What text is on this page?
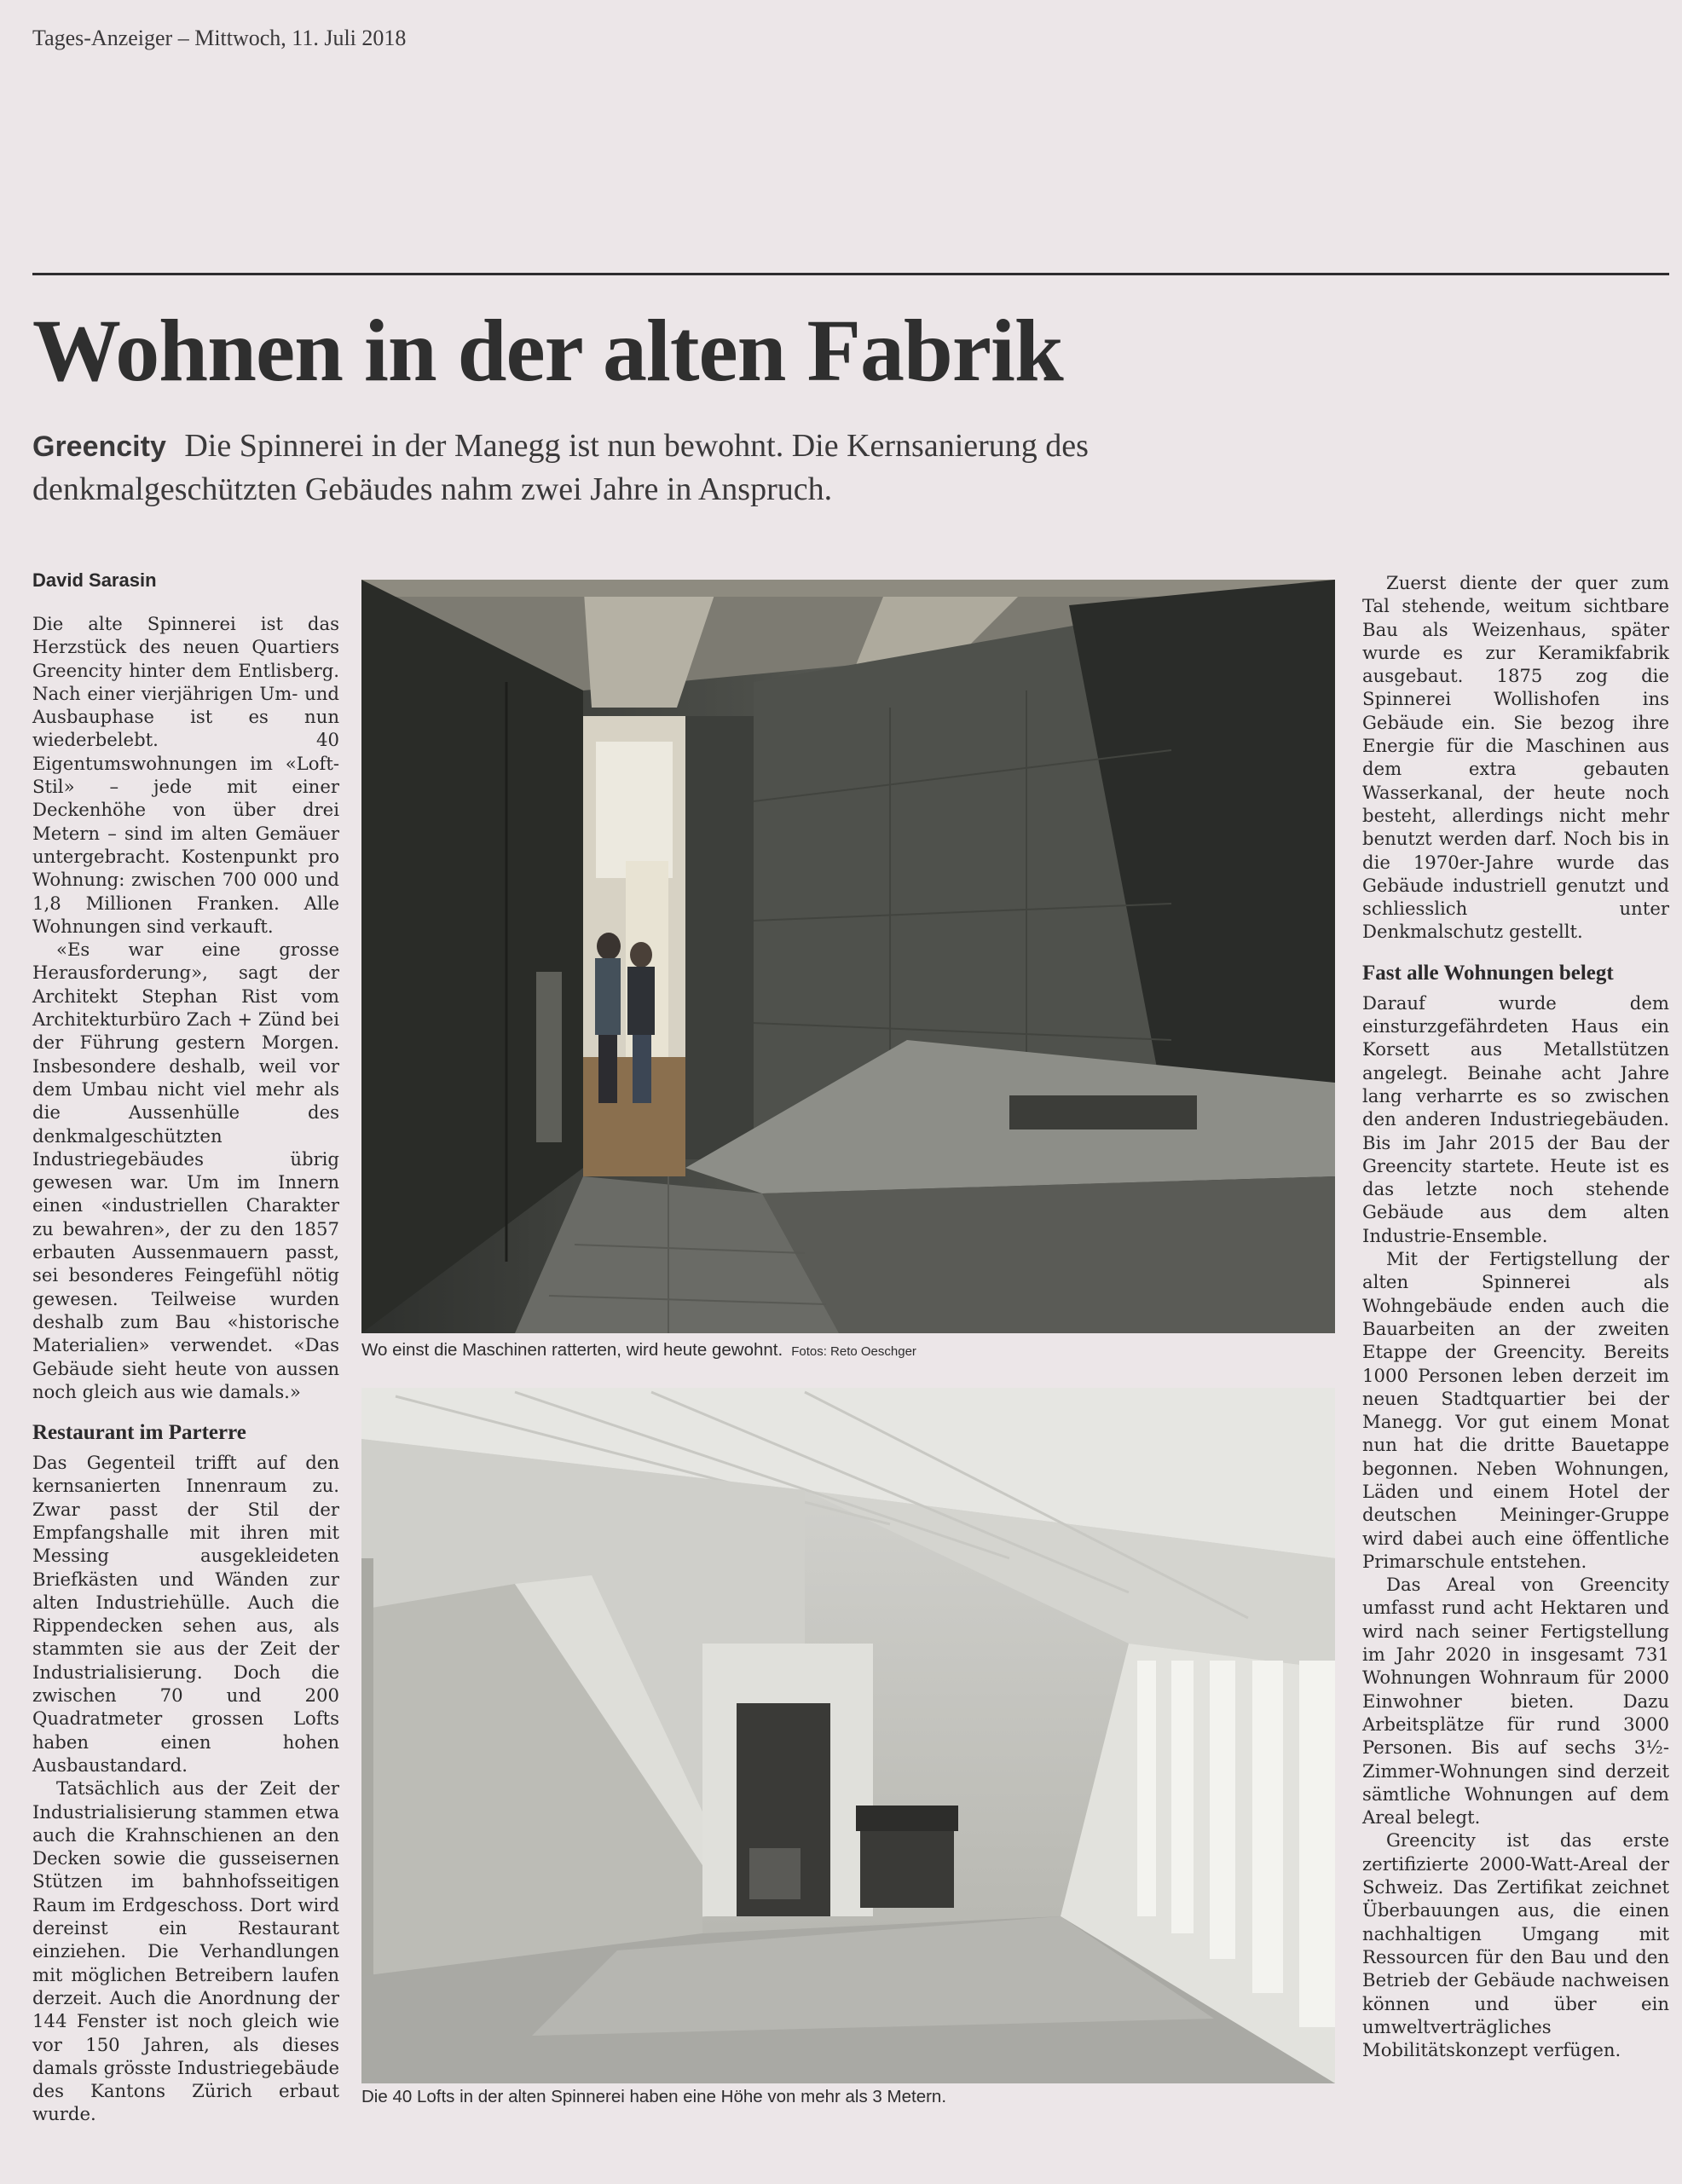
Tages-Anzeiger – Mittwoch, 11. Juli 2018
Wohnen in der alten Fabrik
Greencity Die Spinnerei in der Manegg ist nun bewohnt. Die Kernsanierung des denkmalgeschützten Gebäudes nahm zwei Jahre in Anspruch.

David Sarasin

Die alte Spinnerei ist das Herzstück des neuen Quartiers Greencity hinter dem Entlisberg. Nach einer vierjährigen Um- und Ausbauphase ist es nun wiederbelebt. 40 Eigentumswohnungen im «Loft-Stil» – jede mit einer Deckenhöhe von über drei Metern – sind im alten Gemäuer untergebracht. Kostenpunkt pro Wohnung: zwischen 700 000 und 1,8 Millionen Franken. Alle Wohnungen sind verkauft.

«Es war eine grosse Herausforderung», sagt der Architekt Stephan Rist vom Architekturbüro Zach + Zünd bei der Führung gestern Morgen. Insbesondere deshalb, weil vor dem Umbau nicht viel mehr als die Aussenhülle des denkmalgeschützten Industriegebäudes übrig gewesen war. Um im Innern einen «industriellen Charakter zu bewahren», der zu den 1857 erbauten Aussenmauern passt, sei besonderes Feingefühl nötig gewesen. Teilweise wurden deshalb zum Bau «historische Materialien» verwendet. «Das Gebäude sieht heute von aussen noch gleich aus wie damals.»

Restaurant im Parterre

Das Gegenteil trifft auf den kernsanierten Innenraum zu. Zwar passt der Stil der Empfangshalle mit ihren mit Messing ausgekleideten Briefkästen und Wänden zur alten Industriehülle. Auch die Rippendecken sehen aus, als stammten sie aus der Zeit der Industrialisierung. Doch die zwischen 70 und 200 Quadratmeter grossen Lofts haben einen hohen Ausbaustandard.

Tatsächlich aus der Zeit der Industrialisierung stammen etwa auch die Krahnschienen an den Decken sowie die gusseisernen Stützen im bahnhofsseitigen Raum im Erdgeschoss. Dort wird dereinst ein Restaurant einziehen. Die Verhandlungen mit möglichen Betreibern laufen derzeit. Auch die Anordnung der 144 Fenster ist noch gleich wie vor 150 Jahren, als dieses damals grösste Industriegebäude des Kantons Zürich erbaut wurde.

Wo einst die Maschinen ratterten, wird heute gewohnt. Fotos: Reto Oeschger
Die 40 Lofts in der alten Spinnerei haben eine Höhe von mehr als 3 Metern.

Zuerst diente der quer zum Tal stehende, weitum sichtbare Bau als Weizenhaus, später wurde es zur Keramikfabrik ausgebaut. 1875 zog die Spinnerei Wollishofen ins Gebäude ein. Sie bezog ihre Energie für die Maschinen aus dem extra gebauten Wasserkanal, der heute noch besteht, allerdings nicht mehr benutzt werden darf. Noch bis in die 1970er-Jahre wurde das Gebäude industriell genutzt und schliesslich unter Denkmalschutz gestellt.

Fast alle Wohnungen belegt

Darauf wurde dem einsturzgefährdeten Haus ein Korsett aus Metallstützen angelegt. Beinahe acht Jahre lang verharrte es so zwischen den anderen Industriegebäuden. Bis im Jahr 2015 der Bau der Greencity startete. Heute ist es das letzte noch stehende Gebäude aus dem alten Industrie-Ensemble.

Mit der Fertigstellung der alten Spinnerei als Wohngebäude enden auch die Bauarbeiten an der zweiten Etappe der Greencity. Bereits 1000 Personen leben derzeit im neuen Stadtquartier bei der Manegg. Vor gut einem Monat nun hat die dritte Bauetappe begonnen. Neben Wohnungen, Läden und einem Hotel der deutschen Meininger-Gruppe wird dabei auch eine öffentliche Primarschule entstehen.

Das Areal von Greencity umfasst rund acht Hektaren und wird nach seiner Fertigstellung im Jahr 2020 in insgesamt 731 Wohnungen Wohnraum für 2000 Einwohner bieten. Dazu Arbeitsplätze für rund 3000 Personen. Bis auf sechs 3½-Zimmer-Wohnungen sind derzeit sämtliche Wohnungen auf dem Areal belegt.

Greencity ist das erste zertifizierte 2000-Watt-Areal der Schweiz. Das Zertifikat zeichnet Überbauungen aus, die einen nachhaltigen Umgang mit Ressourcen für den Bau und den Betrieb der Gebäude nachweisen können und über ein umweltverträgliches Mobilitätskonzept verfügen.
